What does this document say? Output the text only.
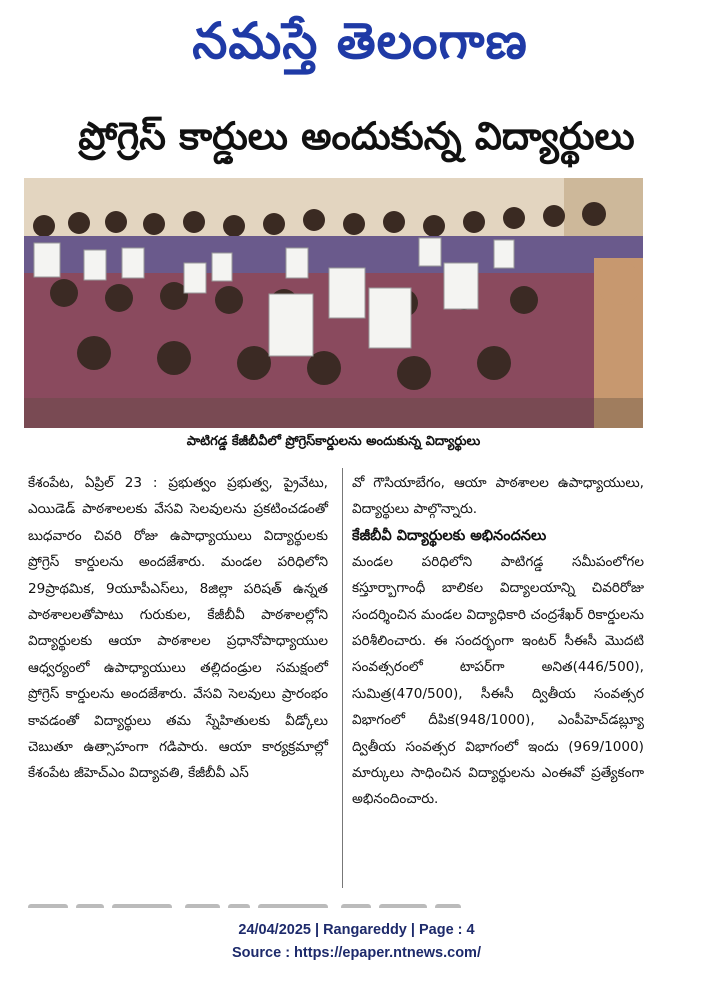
నమస్తే తెలంగాణ
ప్రోగ్రెస్ కార్డులు అందుకున్న విద్యార్థులు
పాటిగడ్డ కేజీబీవీలో ప్రోగ్రెస్‌కార్డులను అందుకున్న విద్యార్థులు

కేశంపేట, ఏప్రిల్ 23 : ప్రభుత్వం ప్రభుత్వ, ప్రైవేటు, ఎయిడెడ్ పాఠశాలలకు వేసవి సెలవులను ప్రకటించడంతో బుధవారం చివరి రోజు ఉపాధ్యాయులు విద్యార్థులకు ప్రోగ్రెస్ కార్డులను అందజేశారు. మండల పరిధిలోని 29ప్రాథమిక, 9యూపీఎస్‌లు, 8జిల్లా పరిషత్ ఉన్నత పాఠశాలలతోపాటు గురుకుల, కేజీబీవీ పాఠశాలల్లోని విద్యార్థులకు ఆయా పాఠశాలల ప్రధానోపాధ్యాయుల ఆధ్వర్యంలో ఉపాధ్యాయులు తల్లిదండ్రుల సమక్షంలో ప్రోగ్రెస్ కార్డులను అందజేశారు. వేసవి సెలవులు ప్రారంభం కావడంతో విద్యార్థులు తమ స్నేహితులకు వీడ్కోలు చెబుతూ ఉత్సాహంగా గడిపారు. ఆయా కార్యక్రమాల్లో కేశంపేట జీహెచ్‌ఎం విద్యావతి, కేజీబీవీ ఎస్

వో గౌసియాబేగం, ఆయా పాఠశాలల ఉపాధ్యాయులు, విద్యార్థులు పాల్గొన్నారు.

కేజీబీవీ విద్యార్థులకు అభినందనలు

మండల పరిధిలోని పాటిగడ్డ సమీపంలోగల కస్తూర్బాగాంధీ బాలికల విద్యాలయాన్ని చివరిరోజు సందర్శించిన మండల విద్యాధికారి చంద్రశేఖర్ రికార్డులను పరిశీలించారు. ఈ సందర్భంగా ఇంటర్ సీఈసీ మొదటి సంవత్సరంలో టాపర్‌గా అనిత(446/500), సుమిత్ర(470/500), సీఈసీ ద్వితీయ సంవత్సర విభాగంలో దీపిక(948/1000), ఎంపీహెచ్‌డబ్ల్యూ ద్వితీయ సంవత్సర విభాగంలో ఇందు (969/1000) మార్కులు సాధించిన విద్యార్థులను ఎంఈవో ప్రత్యేకంగా అభినందించారు.

24/04/2025 | Rangareddy | Page : 4
Source : https://epaper.ntnews.com/
